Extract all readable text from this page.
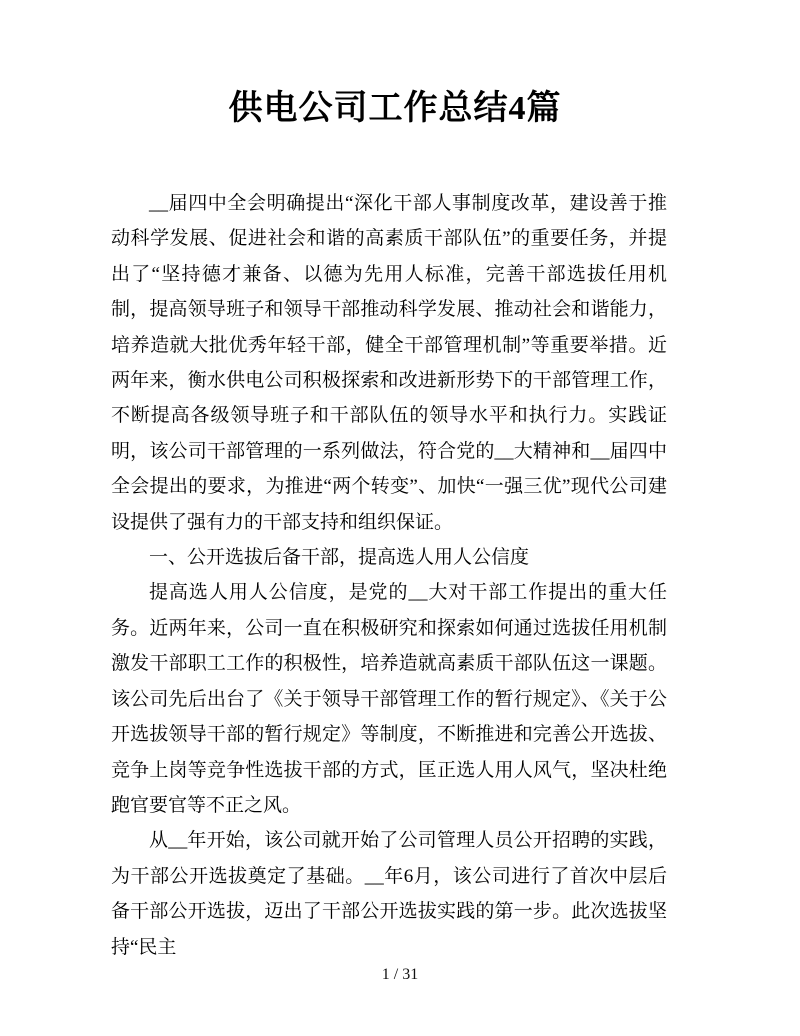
供电公司工作总结4篇

__届四中全会明确提出“深化干部人事制度改革，建设善于推动科学发展、促进社会和谐的高素质干部队伍”的重要任务，并提出了“坚持德才兼备、以德为先用人标准，完善干部选拔任用机制，提高领导班子和领导干部推动科学发展、推动社会和谐能力，培养造就大批优秀年轻干部，健全干部管理机制”等重要举措。近两年来，衡水供电公司积极探索和改进新形势下的干部管理工作，不断提高各级领导班子和干部队伍的领导水平和执行力。实践证明，该公司干部管理的一系列做法，符合党的__大精神和__届四中全会提出的要求，为推进“两个转变”、加快“一强三优”现代公司建设提供了强有力的干部支持和组织保证。

一、公开选拔后备干部，提高选人用人公信度

提高选人用人公信度，是党的__大对干部工作提出的重大任务。近两年来，公司一直在积极研究和探索如何通过选拔任用机制激发干部职工工作的积极性，培养造就高素质干部队伍这一课题。该公司先后出台了《关于领导干部管理工作的暂行规定》、《关于公开选拔领导干部的暂行规定》等制度，不断推进和完善公开选拔、竞争上岗等竞争性选拔干部的方式，匡正选人用人风气，坚决杜绝跑官要官等不正之风。

从__年开始，该公司就开始了公司管理人员公开招聘的实践，为干部公开选拔奠定了基础。__年6月，该公司进行了首次中层后备干部公开选拔，迈出了干部公开选拔实践的第一步。此次选拔坚持“民主

1 / 31
